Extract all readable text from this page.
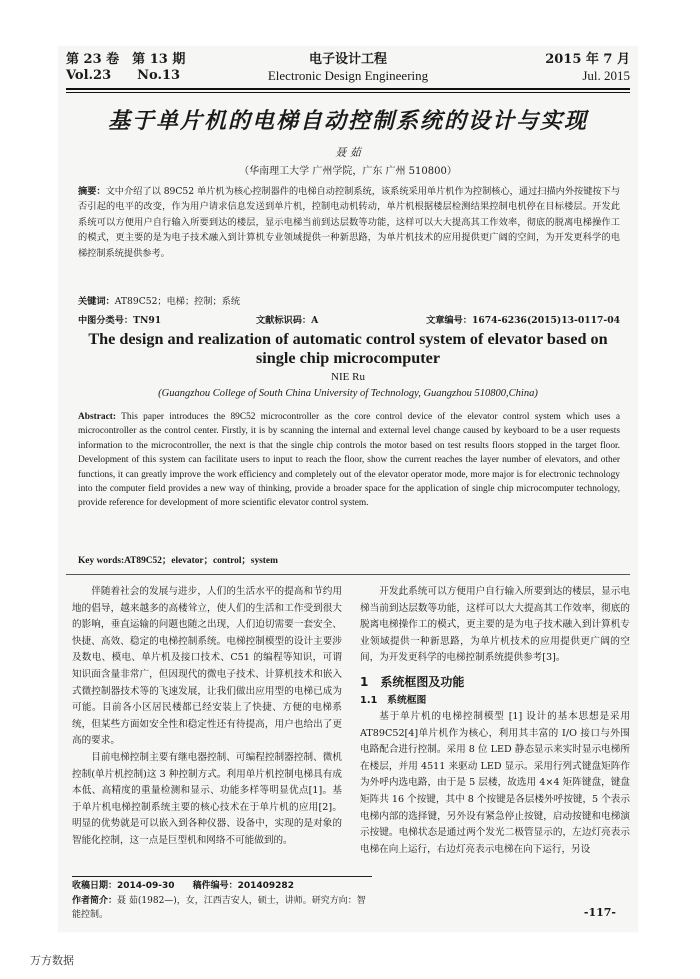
第 23 卷　 第 13 期
Vol.23　　 No.13
电子设计工程
Electronic Design Engineering
2015 年 7 月
Jul. 2015
基于单片机的电梯自动控制系统的设计与实现
聂 茹
（华南理工大学 广州学院，广东 广州 510800）
摘要：文中介绍了以 89C52 单片机为核心控制器件的电梯自动控制系统，该系统采用单片机作为控制核心，通过扫描内外按键按下与否引起的电平的改变，作为用户请求信息发送到单片机，控制电动机转动，单片机根据楼层检测结果控制电机停在目标楼层。开发此系统可以方便用户自行输入所要到达的楼层，显示电梯当前到达层数等功能，这样可以大大提高其工作效率，彻底的脱离电梯操作工的模式，更主要的是为电子技术融入到计算机专业领域提供一种新思路，为单片机技术的应用提供更广阔的空间，为开发更科学的电梯控制系统提供参考。
关键词：AT89C52；电梯；控制；系统
中图分类号：TN91	文献标识码：A	文章编号：1674-6236(2015)13-0117-04
The design and realization of automatic control system of elevator based on single chip microcomputer
NIE Ru
(Guangzhou College of South China University of Technology, Guangzhou 510800,China)
Abstract: This paper introduces the 89C52 microcontroller as the core control device of the elevator control system which uses a microcontroller as the control center. Firstly, it is by scanning the internal and external level change caused by keyboard to be a user requests information to the microcontroller, the next is that the single chip controls the motor based on test results floors stopped in the target floor. Development of this system can facilitate users to input to reach the floor, show the current reaches the layer number of elevators, and other functions, it can greatly improve the work efficiency and completely out of the elevator operator mode, more major is for electronic technology into the computer field provides a new way of thinking, provide a broader space for the application of single chip microcomputer technology, provide reference for development of more scientific elevator control system.
Key words:AT89C52；elevator；control；system

伴随着社会的发展与进步，人们的生活水平的提高和节约用地的倡导，越来越多的高楼耸立，使人们的生活和工作受到很大的影响，垂直运输的问题也随之出现，人们迫切需要一套安全、快捷、高效、稳定的电梯控制系统。电梯控制模型的设计主要涉及数电、模电、单片机及接口技术、C51 的编程等知识，可谓知识面含量非常广，但因现代的微电子技术、计算机技术和嵌入式微控制器技术等的飞速发展，让我们做出应用型的电梯已成为可能。目前各小区居民楼都已经安装上了快捷、方便的电梯系统，但某些方面如安全性和稳定性还有待提高，用户也给出了更高的要求。

目前电梯控制主要有继电器控制、可编程控制器控制、微机控制(单片机控制)这 3 种控制方式。利用单片机控制电梯具有成本低、高精度的重量检测和显示、功能多样等明显优点[1]。基于单片机电梯控制系统主要的核心技术在于单片机的应用[2]。明显的优势就是可以嵌入到各种仪器、设备中，实现的是对象的智能化控制，这一点是巨型机和网络不可能做到的。

开发此系统可以方便用户自行输入所要到达的楼层，显示电梯当前到达层数等功能，这样可以大大提高其工作效率，彻底的脱离电梯操作工的模式，更主要的是为电子技术融入到计算机专业领域提供一种新思路，为单片机技术的应用提供更广阔的空间，为开发更科学的电梯控制系统提供参考[3]。

1　系统框图及功能
1.1　系统框图

基于单片机的电梯控制模型 [1] 设计的基本思想是采用 AT89C52[4]单片机作为核心，利用其丰富的 I/O 接口与外围电路配合进行控制。采用 8 位 LED 静态显示来实时显示电梯所在楼层，并用 4511 来驱动 LED 显示。采用行列式键盘矩阵作为外呼内选电路，由于是 5 层楼，故选用 4×4 矩阵键盘，键盘矩阵共 16 个按键，其中 8 个按键是各层楼外呼按键，5 个表示电梯内部的选择键，另外设有紧急停止按键，启动按键和电梯演示按键。电梯状态是通过两个发光二极管显示的，左边灯亮表示电梯在向上运行，右边灯亮表示电梯在向下运行，另设

收稿日期：2014-09-30　　 稿件编号：201409282
作者简介：聂 茹(1982—)，女，江西吉安人，硕士，讲师。研究方向：智能控制。	-117-
万方数据
